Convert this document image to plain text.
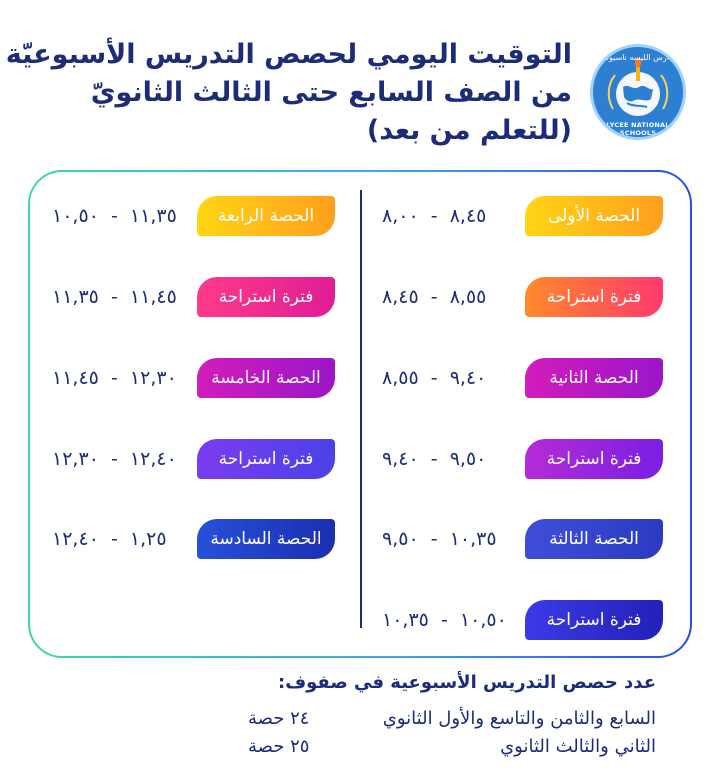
التوقيت اليومي لحصص التدريس الأسبوعيّة
من الصف السابع حتى الثالث الثانويّ
(للتعلم من بعد)
مدارس الليسه ناسيونال
LYCEE NATIONAL SCHOOLS
الحصة الأولى
٨,٤٥  -  ٨,٠٠
فترة استراحة
٨,٥٥  -  ٨,٤٥
الحصة الثانية
٩,٤٠  -  ٨,٥٥
فترة استراحة
٩,٥٠  -  ٩,٤٠
الحصة الثالثة
١٠,٣٥  -  ٩,٥٠
فترة استراحة
١٠,٥٠  -  ١٠,٣٥
الحصة الرابعة
١١,٣٥  -  ١٠,٥٠
فترة استراحة
١١,٤٥  -  ١١,٣٥
الحصة الخامسة
١٢,٣٠  -  ١١,٤٥
فترة استراحة
١٢,٤٠  -  ١٢,٣٠
الحصة السادسة
١,٢٥  -  ١٢,٤٠
عدد حصص التدريس الأسبوعية في صفوف:
السابع والثامن والتاسع والأول الثانوي
٢٤ حصة
الثاني والثالث الثانوي
٢٥ حصة
